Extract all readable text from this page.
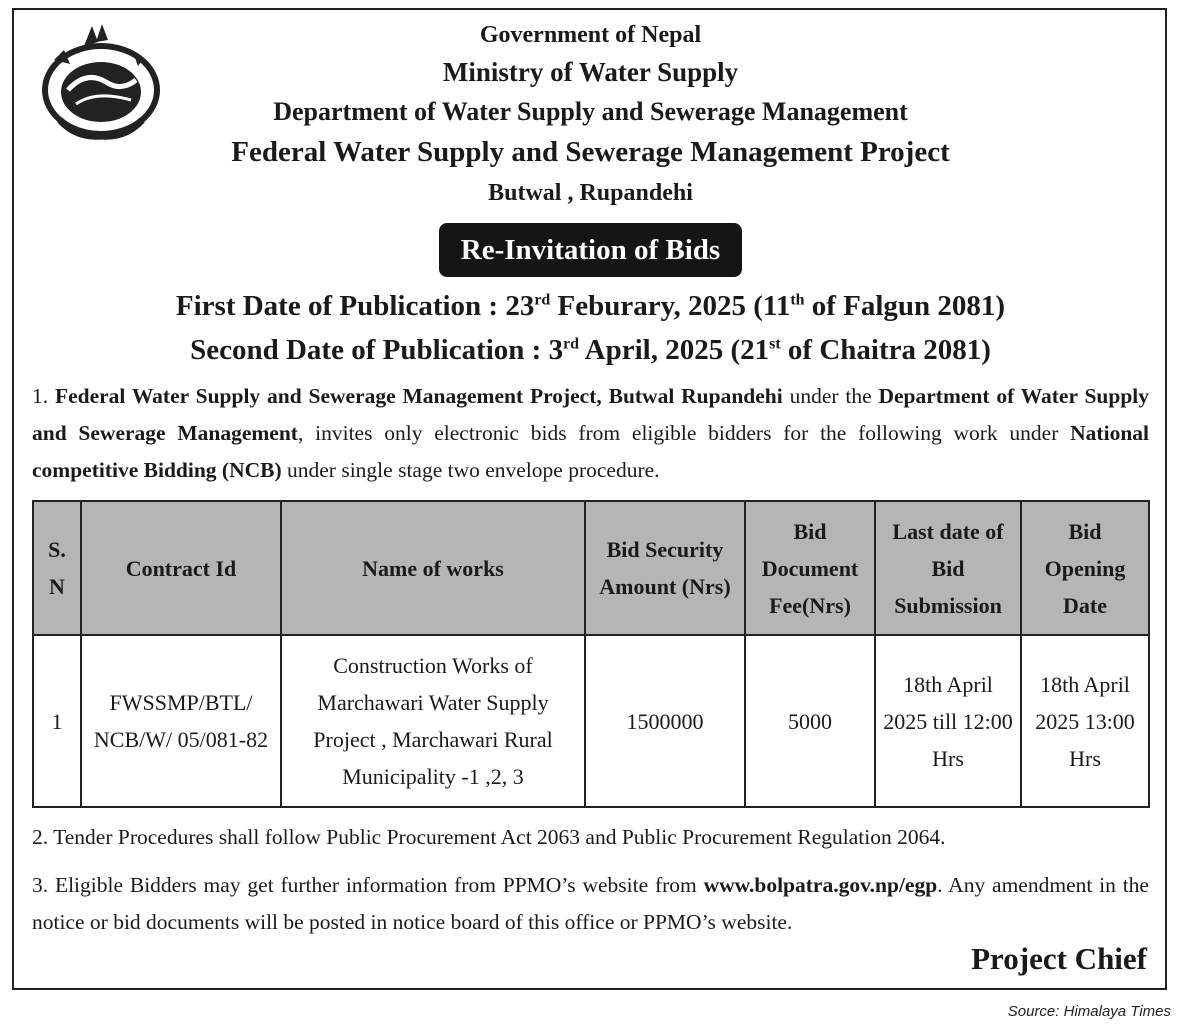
Government of Nepal
Ministry of Water Supply
Department of Water Supply and Sewerage Management
Federal Water Supply and Sewerage Management Project
Butwal , Rupandehi
Re-Invitation of Bids
First Date of Publication : 23rd Feburary, 2025 (11th of Falgun 2081)
Second Date of Publication : 3rd April, 2025 (21st of Chaitra 2081)
1. Federal Water Supply and Sewerage Management Project, Butwal Rupandehi under the Department of Water Supply and Sewerage Management, invites only electronic bids from eligible bidders for the following work under National competitive Bidding (NCB) under single stage two envelope procedure.
S. N	Contract Id	Name of works	Bid Security Amount (Nrs)	Bid Document Fee(Nrs)	Last date of Bid Submission	Bid Opening Date
1	FWSSMP/BTL/ NCB/W/ 05/081-82	Construction Works of Marchawari Water Supply Project , Marchawari Rural Municipality -1 ,2, 3	1500000	5000	18th April 2025 till 12:00 Hrs	18th April 2025 13:00 Hrs
2. Tender Procedures shall follow Public Procurement Act 2063 and Public Procurement Regulation 2064.
3. Eligible Bidders may get further information from PPMO’s website from www.bolpatra.gov.np/egp. Any amendment in the notice or bid documents will be posted in notice board of this office or PPMO’s website.
Project Chief
Source: Himalaya Times
